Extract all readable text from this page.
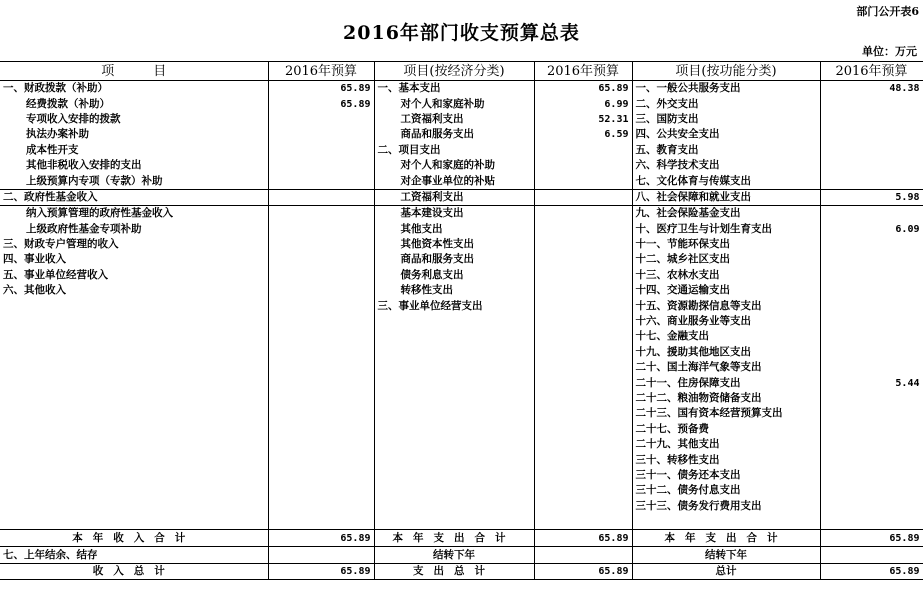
部门公开表6
2016年部门收支预算总表
单位：万元
项　　　目	2016年预算	项目(按经济分类)	2016年预算	项目(按功能分类)	2016年预算
一、财政拨款（补助）	65.89	一、基本支出	65.89	一、一般公共服务支出	48.38
经费拨款（补助）	65.89	对个人和家庭补助	6.99	二、外交支出	
专项收入安排的拨款		工资福利支出	52.31	三、国防支出	
执法办案补助		商品和服务支出	6.59	四、公共安全支出	
成本性开支		二、项目支出		五、教育支出	
其他非税收入安排的支出		对个人和家庭的补助		六、科学技术支出	
上级预算内专项（专款）补助		对企事业单位的补贴		七、文化体育与传媒支出	
二、政府性基金收入		工资福利支出		八、社会保障和就业支出	5.98
纳入预算管理的政府性基金收入		基本建设支出		九、社会保险基金支出	
上级政府性基金专项补助		其他支出		十、医疗卫生与计划生育支出	6.09
三、财政专户管理的收入		其他资本性支出		十一、节能环保支出	
四、事业收入		商品和服务支出		十二、城乡社区支出	
五、事业单位经营收入		债务利息支出		十三、农林水支出	
六、其他收入		转移性支出		十四、交通运输支出	
		三、事业单位经营支出		十五、资源勘探信息等支出	
				十六、商业服务业等支出	
				十七、金融支出	
				十九、援助其他地区支出	
				二十、国土海洋气象等支出	
				二十一、住房保障支出	5.44
				二十二、粮油物资储备支出	
				二十三、国有资本经营预算支出	
				二十七、预备费	
				二十九、其他支出	
				三十、转移性支出	
				三十一、债务还本支出	
				三十二、债务付息支出	
				三十三、债务发行费用支出	

本年收入合计	65.89	本年支出合计	65.89	本年支出合计	65.89
七、上年结余、结存		结转下年		结转下年	
收入总计	65.89	支出总计	65.89	总计	65.89
